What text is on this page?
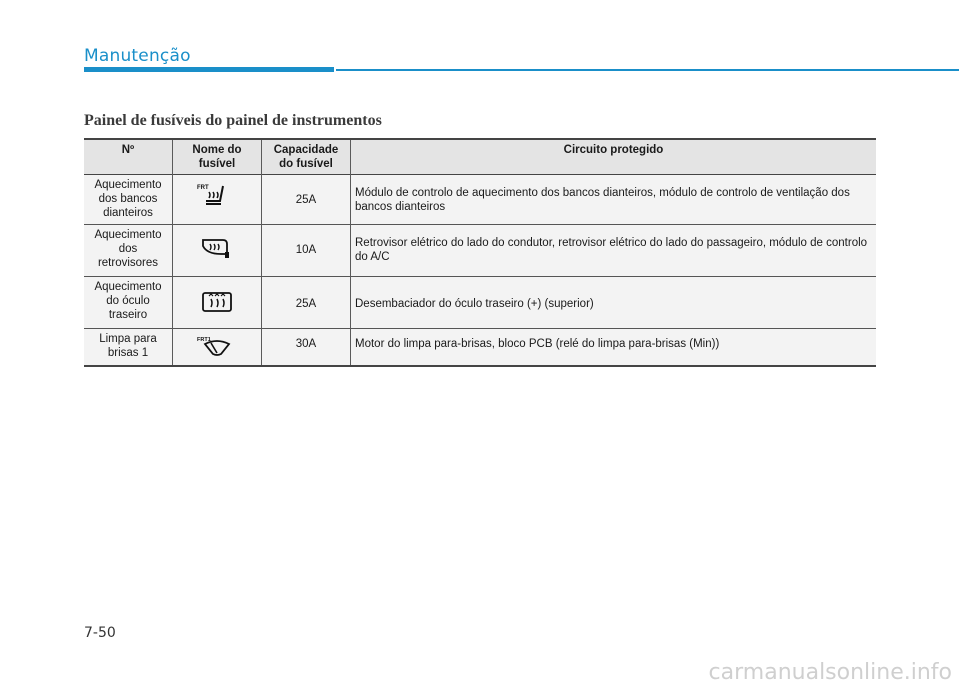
Manutenção
Painel de fusíveis do painel de instrumentos
Nº	Nome do fusível	Capacidade do fusível	Circuito protegido
Aquecimento dos bancos dianteiros	FRT	25A	Módulo de controlo de aquecimento dos bancos dianteiros, módulo de controlo de ventilação dos bancos dianteiros
Aquecimento dos retrovisores		10A	Retrovisor elétrico do lado do condutor, retrovisor elétrico do lado do passageiro, módulo de controlo do A/C
Aquecimento do óculo traseiro		25A	Desembaciador do óculo traseiro (+) (superior)
Limpa para brisas 1	FRT1	30A	Motor do limpa para-brisas, bloco PCB (relé do limpa para-brisas (Min))
7-50
carmanualsonline.info
